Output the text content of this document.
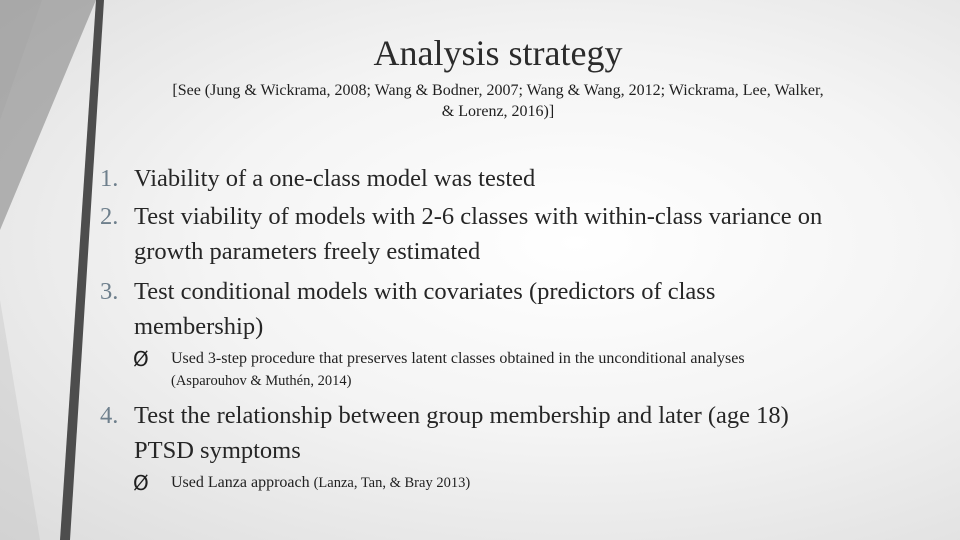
Analysis strategy
[See (Jung & Wickrama, 2008; Wang & Bodner, 2007; Wang & Wang, 2012; Wickrama, Lee, Walker, & Lorenz, 2016)]
1. Viability of a one-class model was tested
2. Test viability of models with 2-6 classes with within-class variance on
growth parameters freely estimated
3. Test conditional models with covariates (predictors of class
membership)
Ø Used 3-step procedure that preserves latent classes obtained in the unconditional analyses
(Asparouhov & Muthén, 2014)
4. Test the relationship between group membership and later (age 18)
PTSD symptoms
Ø Used Lanza approach (Lanza, Tan, & Bray 2013)
